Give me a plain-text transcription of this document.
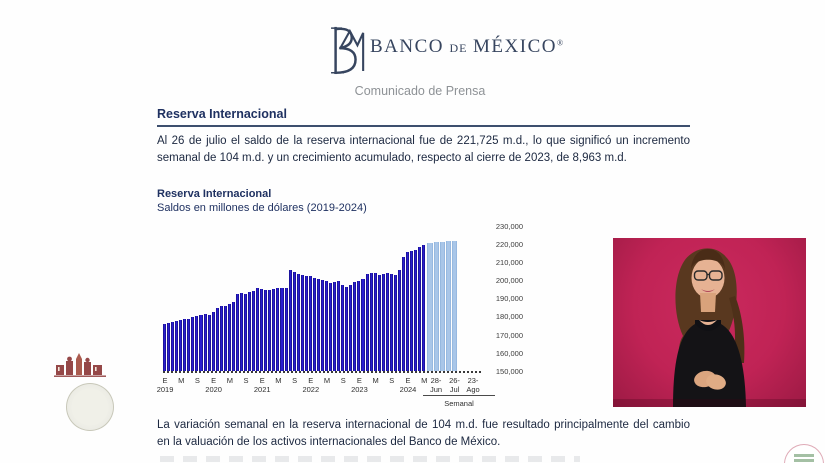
BANCO DE MÉXICO®
Comunicado de Prensa
Reserva Internacional
Al 26 de julio el saldo de la reserva internacional fue de 221,725 m.d., lo que significó un incremento semanal de 104 m.d. y un crecimiento acumulado, respecto al cierre de 2023, de 8,963 m.d.
Reserva Internacional
Saldos en millones de dólares (2019-2024)
Semanal
230,000
220,000
210,000
200,000
190,000
180,000
170,000
160,000
150,000
E
2019
M	S	E
2020
M	S	E
2021
M	S	E
2022
M	S	E
2023
M	S	E
2024
M 28-
Jun
26-
Jul
23-
Ago
La variación semanal en la reserva internacional de 104 m.d. fue resultado principalmente del cambio en la valuación de los activos internacionales del Banco de México.
